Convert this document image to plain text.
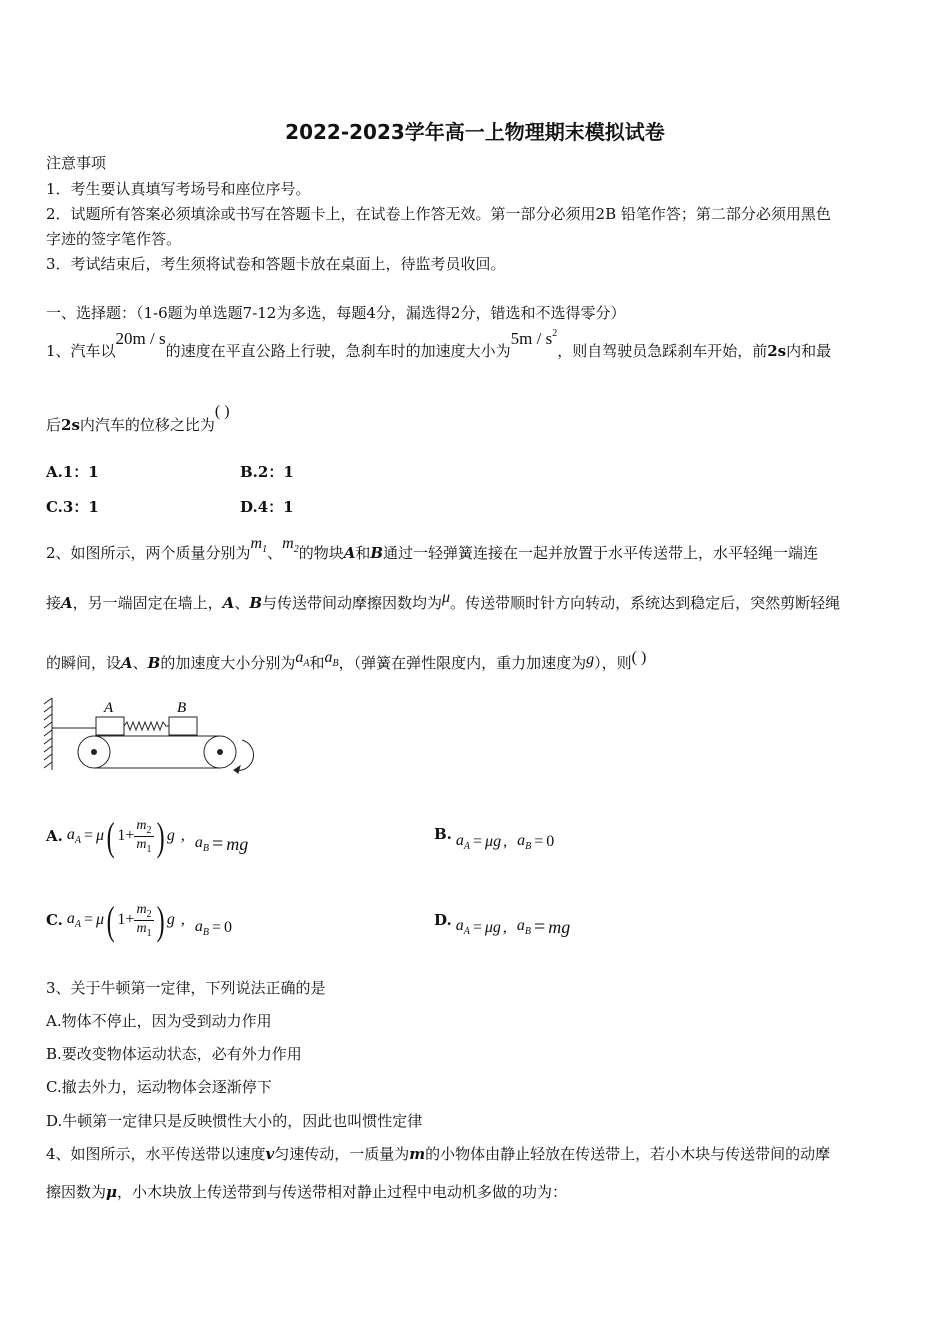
2022-2023学年高一上物理期末模拟试卷
注意事项
1．考生要认真填写考场号和座位序号。
2．试题所有答案必须填涂或书写在答题卡上，在试卷上作答无效。第一部分必须用2B 铅笔作答；第二部分必须用黑色
字迹的签字笔作答。
3．考试结束后，考生须将试卷和答题卡放在桌面上，待监考员收回。
一、选择题：（1-6题为单选题7-12为多选，每题4分，漏选得2分，错选和不选得零分）
1、汽车以20m / s的速度在平直公路上行驶，急刹车时的加速度大小为$5m / s^2$，则自驾驶员急踩刹车开始，前2s内和最
后2s内汽车的位移之比为( )
A.1：1	B.2：1
C.3：1	D.4：1
2、如图所示，两个质量分别为$m_1$、$m_2$的物块A和B通过一轻弹簧连接在一起并放置于水平传送带上，水平轻绳一端连
接A，另一端固定在墙上，A、B与传送带间动摩擦因数均为μ。传送带顺时针方向转动，系统达到稳定后，突然剪断轻绳
的瞬间，设A、B的加速度大小分别为$a_A$和$a_B$，（弹簧在弹性限度内，重力加速度为g），则( )
A	B
A. $a_A = \mu$ ( $1+ \frac{m_2}{m_1}$ ) g , $a_B$ = mg	B. $a_A = \mu g$ , $a_B = 0$
C. $a_A = \mu$ ( $1+ \frac{m_2}{m_1}$ ) g , $a_B = 0$	D. $a_A = \mu g$ , $a_B$ = mg
3、关于牛顿第一定律，下列说法正确的是
A.物体不停止，因为受到动力作用
B.要改变物体运动状态，必有外力作用
C.撤去外力，运动物体会逐渐停下
D.牛顿第一定律只是反映惯性大小的，因此也叫惯性定律
4、如图所示，水平传送带以速度v匀速传动，一质量为m的小物体由静止轻放在传送带上，若小木块与传送带间的动摩
擦因数为μ，小木块放上传送带到与传送带相对静止过程中电动机多做的功为：
